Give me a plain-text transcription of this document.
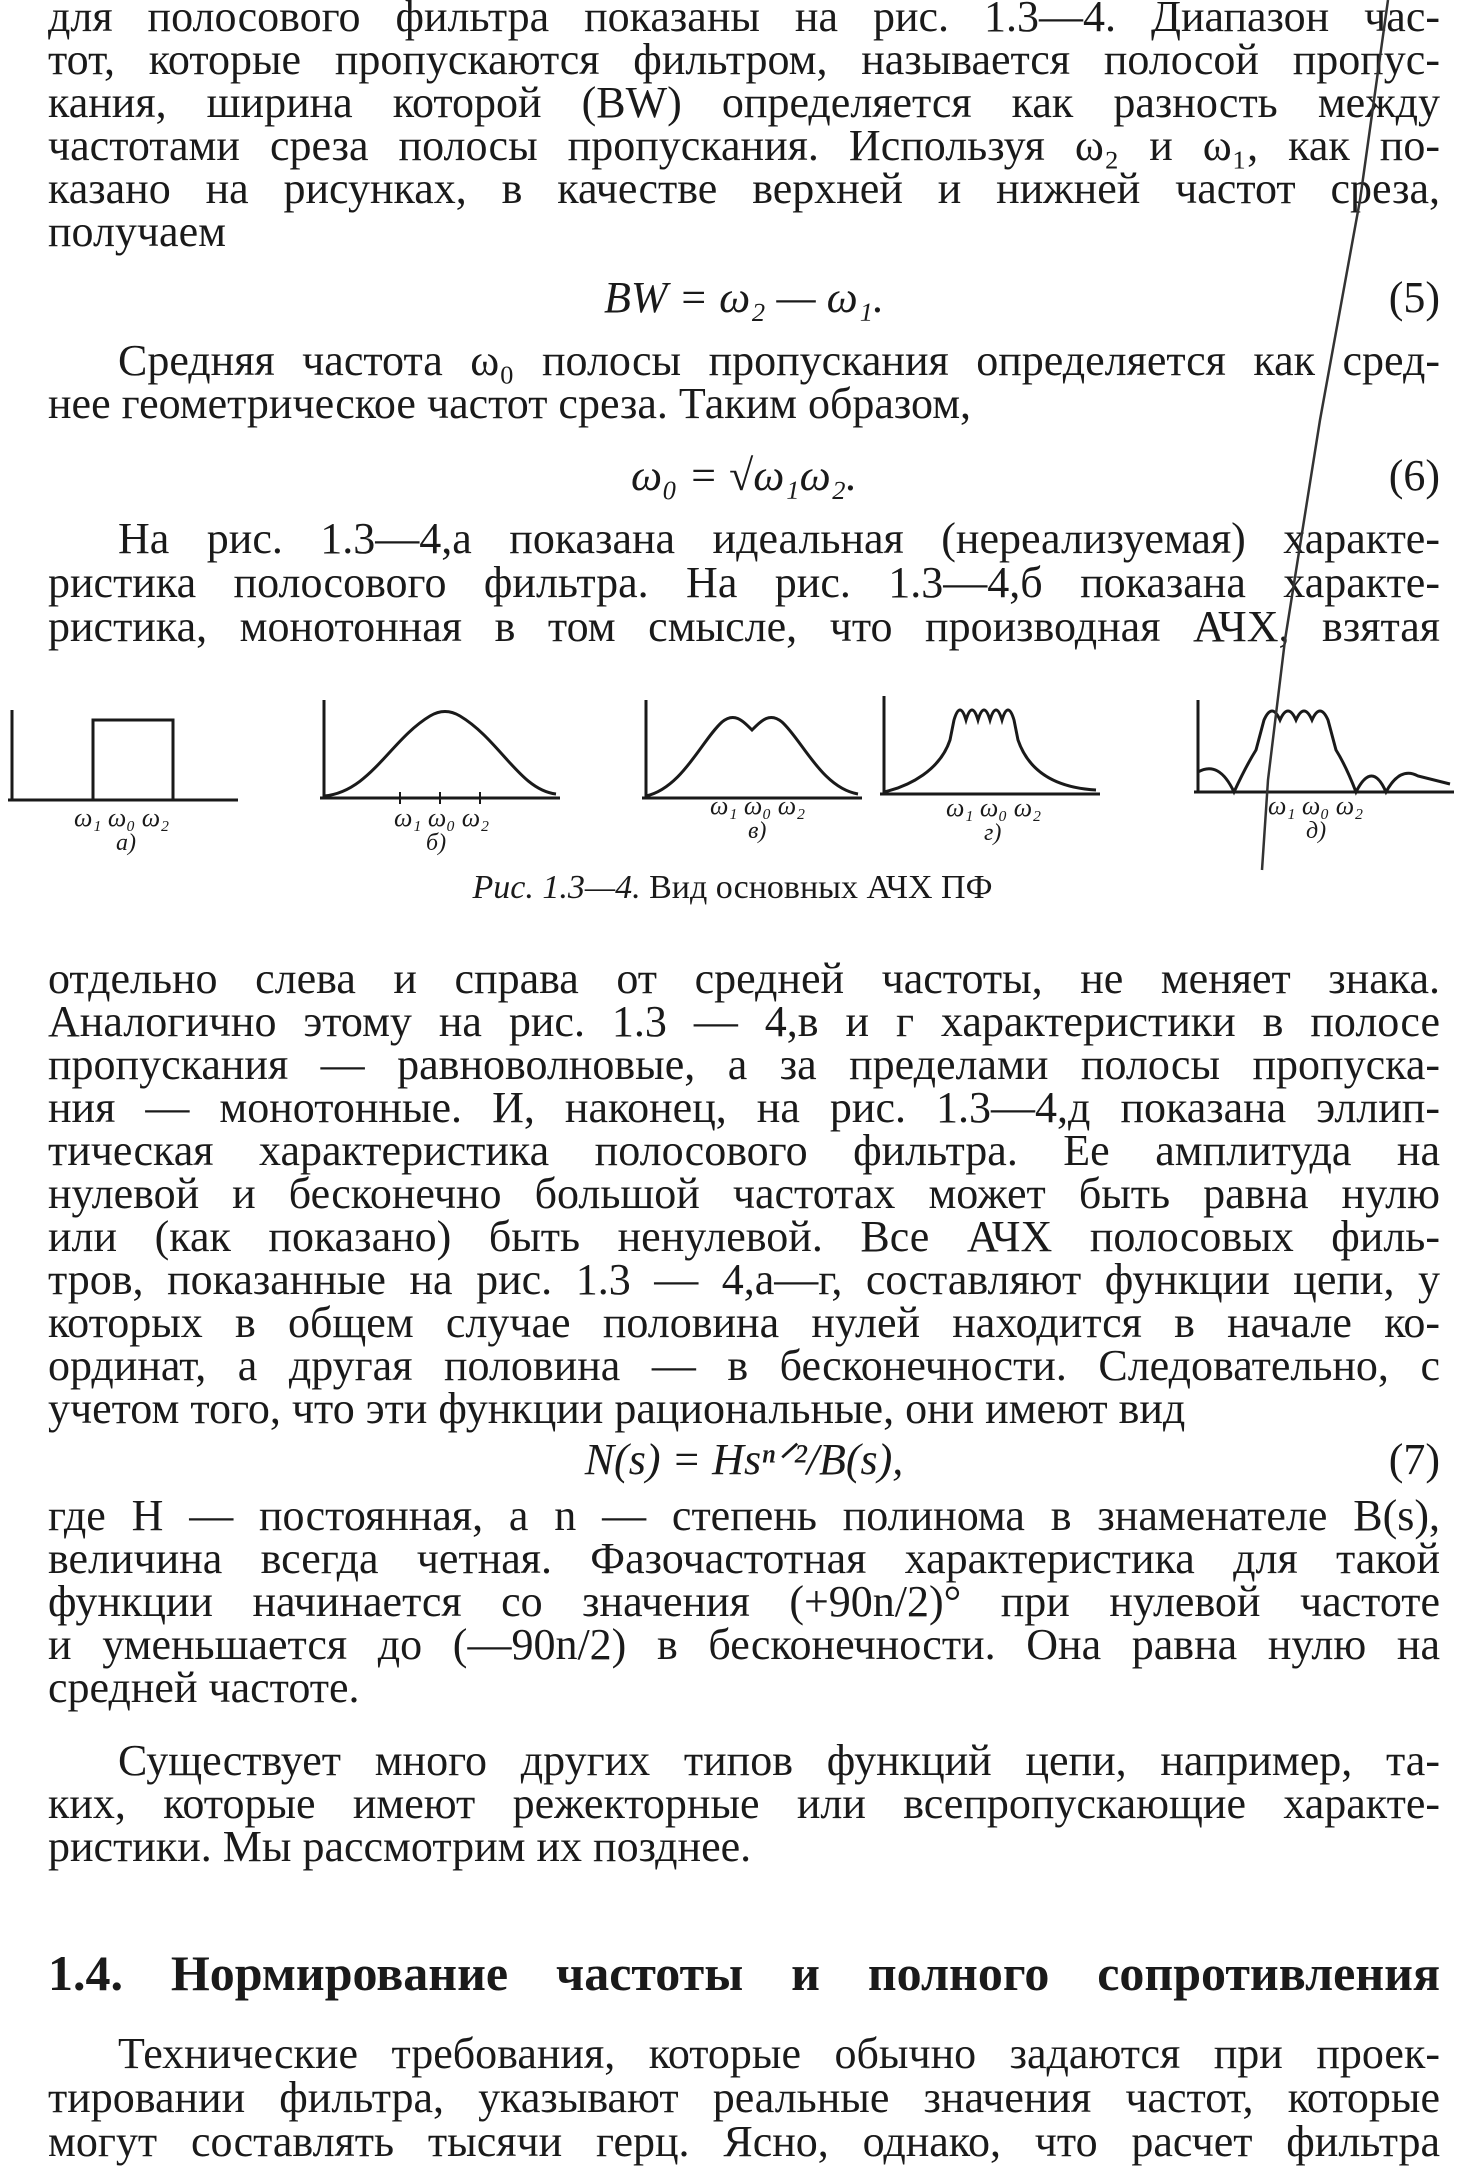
для полосового фильтра показаны на рис. 1.3—4. Диапазон час-
тот, которые пропускаются фильтром, называется полосой пропус-
кания, ширина которой (BW) определяется как разность между
частотами среза полосы пропускания. Используя ω₂ и ω₁, как по-
казано на рисунках, в качестве верхней и нижней частот среза,
получаем
BW = ω₂ — ω₁.	(5)
Средняя частота ω₀ полосы пропускания определяется как сред-
нее геометрическое частот среза. Таким образом,
ω₀ = √ω₁ω₂.	(6)
На рис. 1.3—4,а показана идеальная (нереализуемая) характе-
ристика полосового фильтра. На рис. 1.3—4,б показана характе-
ристика, монотонная в том смысле, что производная АЧХ, взятая
ω₁ ω₀ ω₂
а)
ω₁ ω₀ ω₂
б)
ω₁ ω₀ ω₂
в)
ω₁ ω₀ ω₂
г)
ω₁ ω₀ ω₂
д)
Рис. 1.3—4. Вид основных АЧХ ПФ
отдельно слева и справа от средней частоты, не меняет знака.
Аналогично этому на рис. 1.3 — 4,в и г характеристики в полосе
пропускания — равноволновые, а за пределами полосы пропуска-
ния — монотонные. И, наконец, на рис. 1.3—4,д показана эллип-
тическая характеристика полосового фильтра. Ее амплитуда на
нулевой и бесконечно большой частотах может быть равна нулю
или (как показано) быть ненулевой. Все АЧХ полосовых филь-
тров, показанные на рис. 1.3 — 4,а—г, составляют функции цепи, у
которых в общем случае половина нулей находится в начале ко-
ординат, а другая половина — в бесконечности. Следовательно, с
учетом того, что эти функции рациональные, они имеют вид
N(s) = Hsⁿᐟ²/B(s),	(7)
где H — постоянная, а n — степень полинома в знаменателе B(s),
величина всегда четная. Фазочастотная характеристика для такой
функции начинается со значения (+90n/2)° при нулевой частоте
и уменьшается до (—90n/2) в бесконечности. Она равна нулю на
средней частоте.
Существует много других типов функций цепи, например, та-
ких, которые имеют режекторные или всепропускающие характе-
ристики. Мы рассмотрим их позднее.
1.4. Нормирование частоты и полного сопротивления
Технические требования, которые обычно задаются при проек-
тировании фильтра, указывают реальные значения частот, которые
могут составлять тысячи герц. Ясно, однако, что расчет фильтра
